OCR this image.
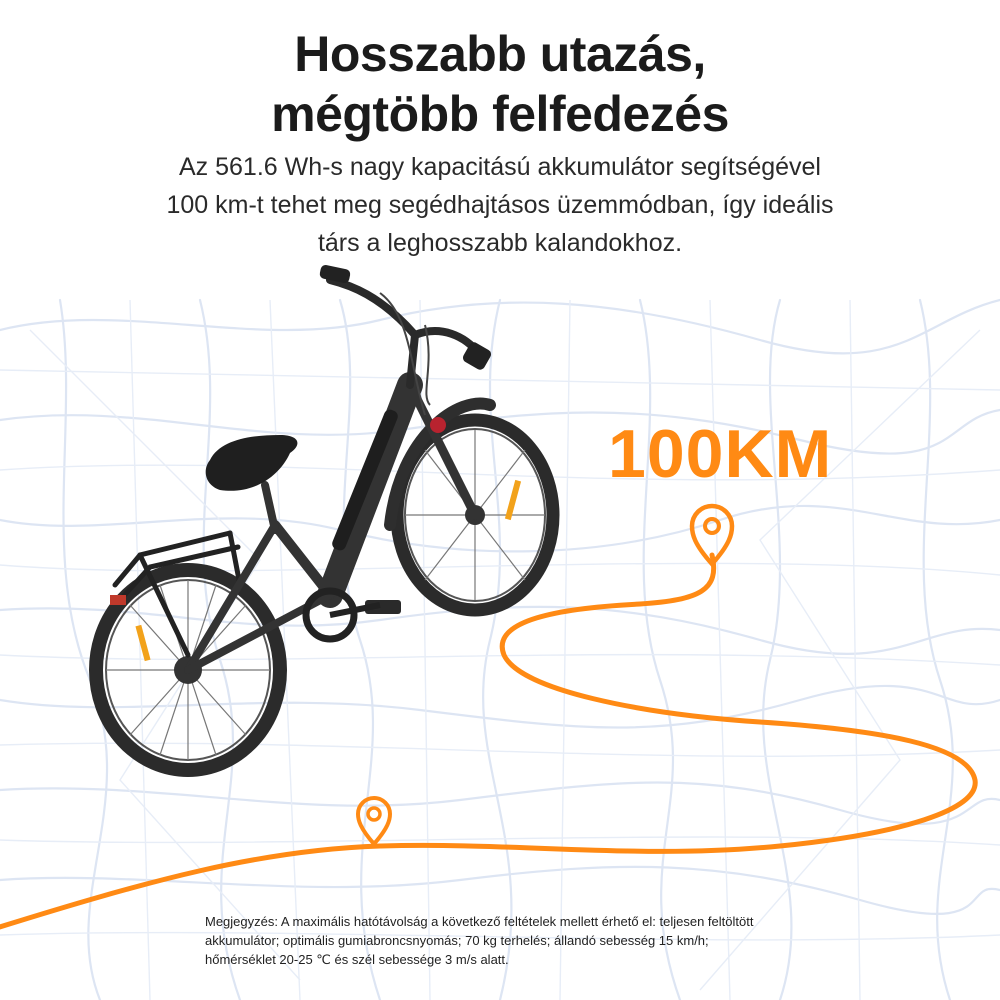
Hosszabb utazás,
mégtöbb felfedezés

Az 561.6 Wh-s nagy kapacitású akkumulátor segítségével
100 km-t tehet meg segédhajtásos üzemmódban, így ideális
társ a leghosszabb kalandokhoz.

100KM
Megjegyzés: A maximális hatótávolság a következő feltételek mellett érhető el: teljesen feltöltött
akkumulátor; optimális gumiabroncsnyomás; 70 kg terhelés; állandó sebesség 15 km/h;
hőmérséklet 20-25 ℃ és szél sebessége 3 m/s alatt.
